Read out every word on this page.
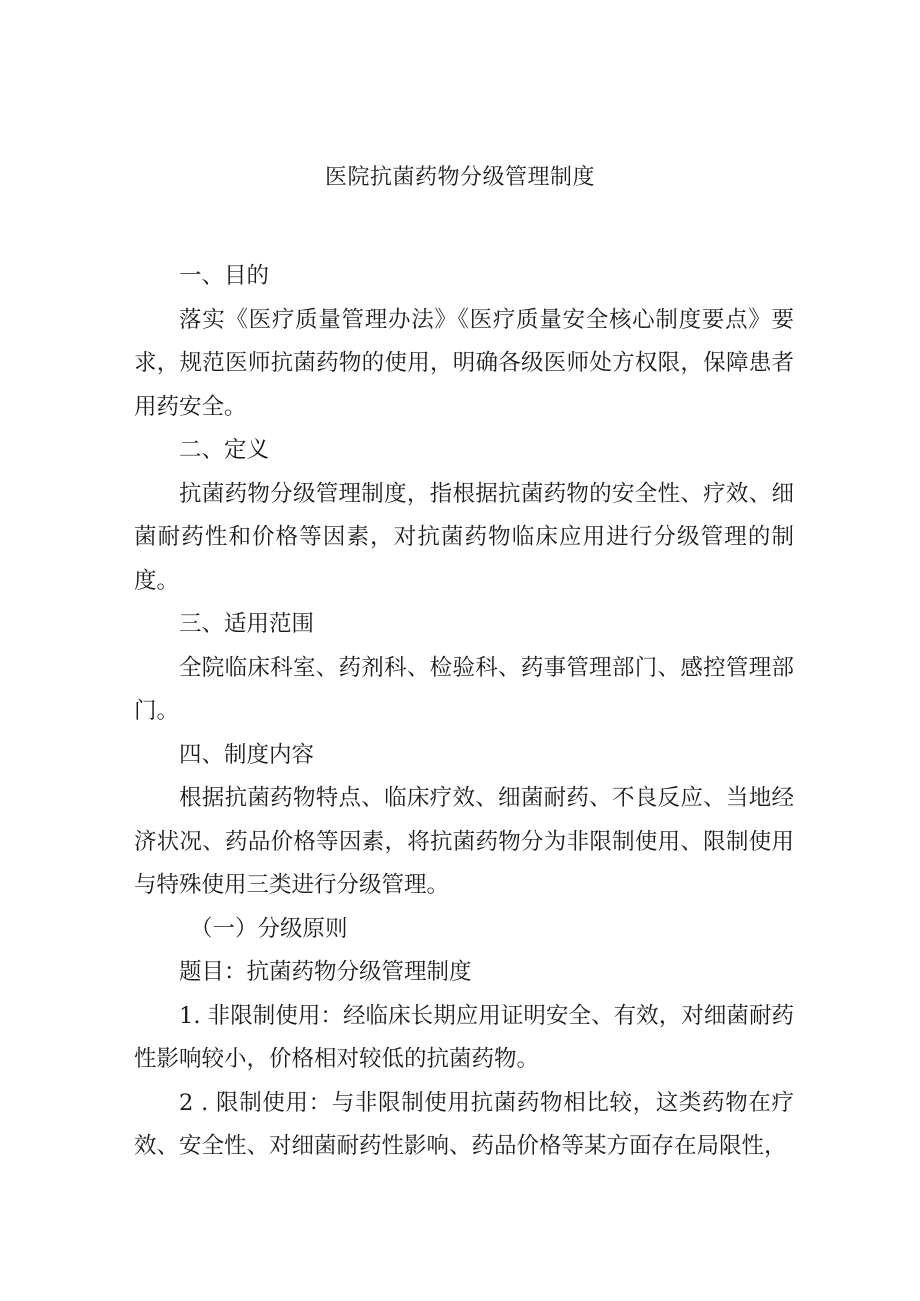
医院抗菌药物分级管理制度

一、目的

落实《医疗质量管理办法》《医疗质量安全核心制度要点》要求，规范医师抗菌药物的使用，明确各级医师处方权限，保障患者用药安全。

二、定义

抗菌药物分级管理制度，指根据抗菌药物的安全性、疗效、细菌耐药性和价格等因素，对抗菌药物临床应用进行分级管理的制度。

三、适用范围

全院临床科室、药剂科、检验科、药事管理部门、感控管理部门。

四、制度内容

根据抗菌药物特点、临床疗效、细菌耐药、不良反应、当地经济状况、药品价格等因素，将抗菌药物分为非限制使用、限制使用与特殊使用三类进行分级管理。

（一）分级原则

题目：抗菌药物分级管理制度

1. 非限制使用：经临床长期应用证明安全、有效，对细菌耐药性影响较小，价格相对较低的抗菌药物。

2 . 限制使用：与非限制使用抗菌药物相比较，这类药物在疗效、安全性、对细菌耐药性影响、药品价格等某方面存在局限性，
